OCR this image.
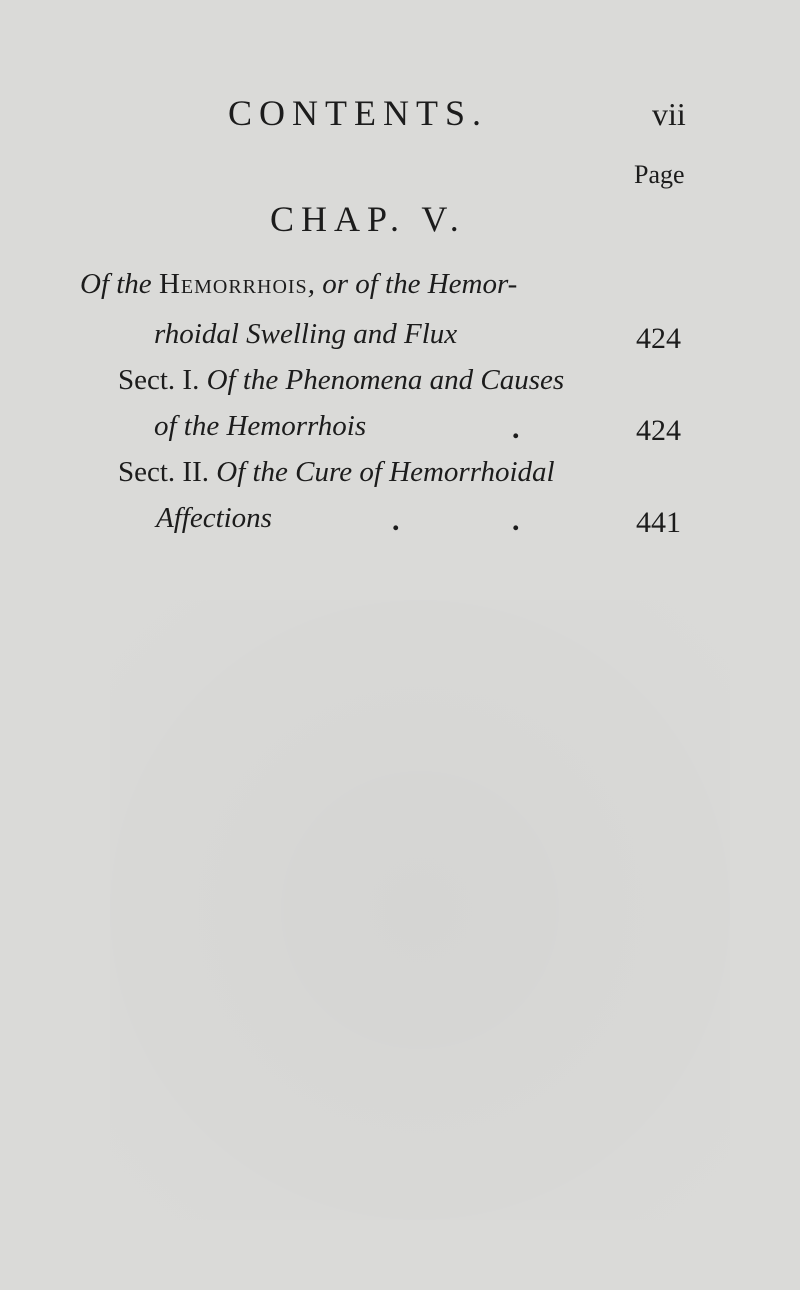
CONTENTS.	vii
Page
CHAP. V.
Of the Hemorrhois, or of the Hemor-
rhoidal Swelling and Flux	424
Sect. I. Of the Phenomena and Causes
of the Hemorrhois	.	424
Sect. II. Of the Cure of Hemorrhoidal
Affections	.	.	441
